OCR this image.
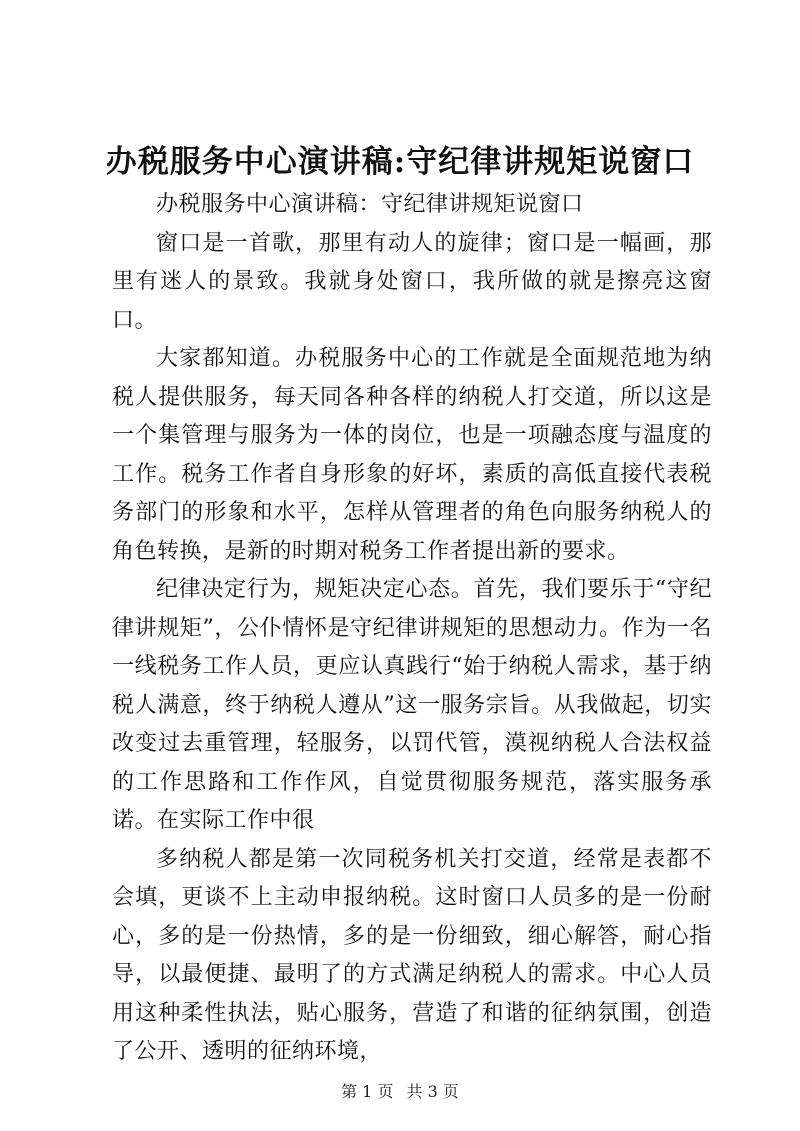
办税服务中心演讲稿:守纪律讲规矩说窗口

办税服务中心演讲稿：守纪律讲规矩说窗口

窗口是一首歌，那里有动人的旋律；窗口是一幅画，那里有迷人的景致。我就身处窗口，我所做的就是擦亮这窗口。

大家都知道。办税服务中心的工作就是全面规范地为纳税人提供服务，每天同各种各样的纳税人打交道，所以这是一个集管理与服务为一体的岗位，也是一项融态度与温度的工作。税务工作者自身形象的好坏，素质的高低直接代表税务部门的形象和水平，怎样从管理者的角色向服务纳税人的角色转换，是新的时期对税务工作者提出新的要求。

纪律决定行为，规矩决定心态。首先，我们要乐于“守纪律讲规矩”，公仆情怀是守纪律讲规矩的思想动力。作为一名一线税务工作人员，更应认真践行“始于纳税人需求，基于纳税人满意，终于纳税人遵从”这一服务宗旨。从我做起，切实改变过去重管理，轻服务，以罚代管，漠视纳税人合法权益的工作思路和工作作风，自觉贯彻服务规范，落实服务承诺。在实际工作中很

多纳税人都是第一次同税务机关打交道，经常是表都不会填，更谈不上主动申报纳税。这时窗口人员多的是一份耐心，多的是一份热情，多的是一份细致，细心解答，耐心指导，以最便捷、最明了的方式满足纳税人的需求。中心人员用这种柔性执法，贴心服务，营造了和谐的征纳氛围，创造了公开、透明的征纳环境，

第 1 页 共 3 页
